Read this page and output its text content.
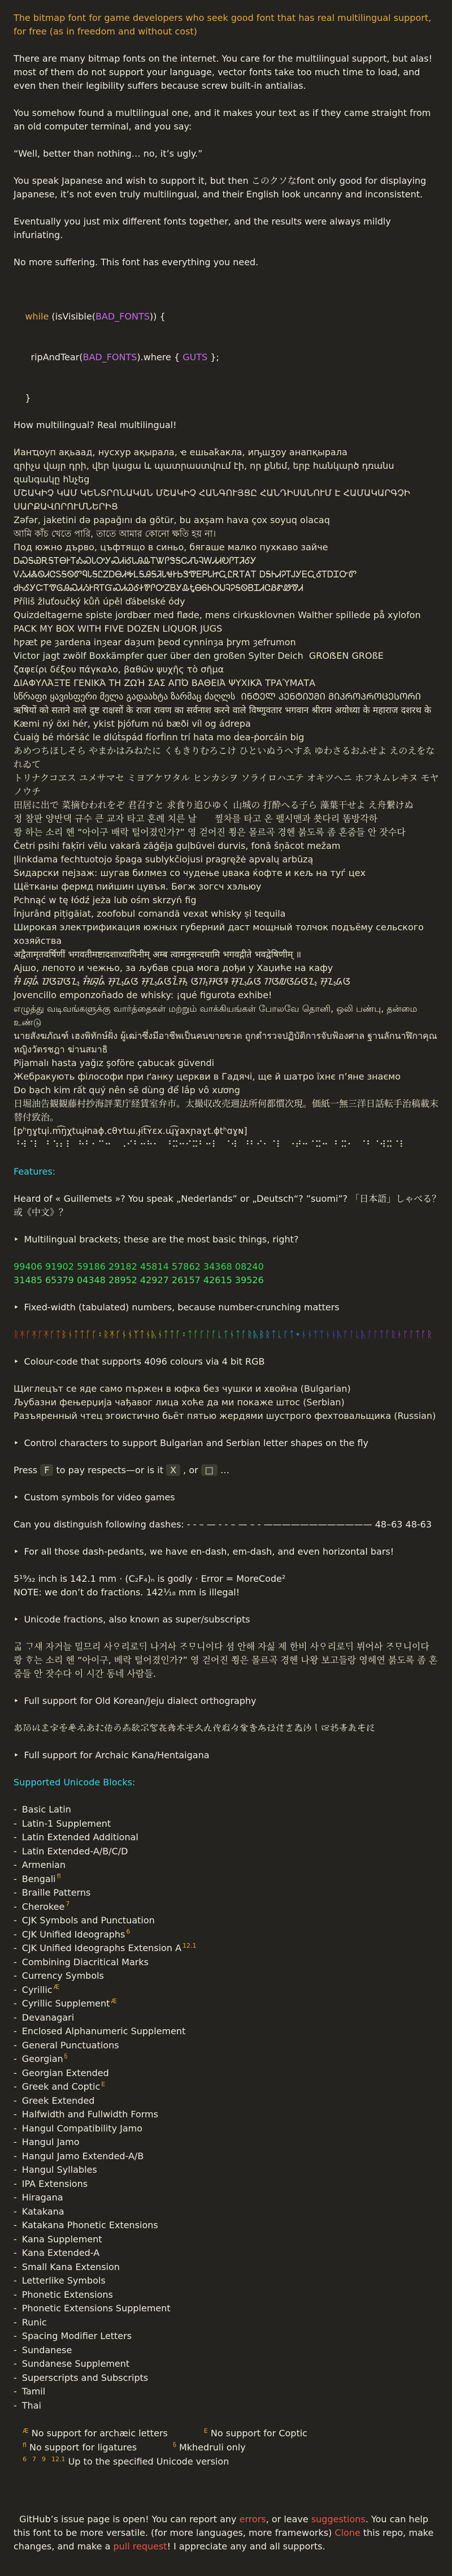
The bitmap font for game developers who seek good font that has real multilingual support, for free (as in freedom and without cost)

There are many bitmap fonts on the internet. You care for the multilingual support, but alas! most of them do not support your language, vector fonts take too much time to load, and even then their legibility suffers because screw built-in antialias.

You somehow found a multilingual one, and it makes your text as if they came straight from an old computer terminal, and you say:

“Well, better than nothing… no, it’s ugly.”

You speak Japanese and wish to support it, but then このクソなfont only good for displaying Japanese, it’s not even truly multilingual, and their English look uncanny and inconsistent.

Eventually you just mix different fonts together, and the results were always mildly infuriating.

No more suffering. This font has everything you need.

while (isVisible(BAD_FONTS)) {

ripAndTear(BAD_FONTS).where { GUTS };

}

How multilingual? Real multilingual!

Ианҵоуп ақьаад, нусхур ақырала, ҽ ешьаҟакла, иҧшӡоу анапқырала

գրիչս վայր դրի, վեր կացա և պատրաստվում էի, որ քնեմ, երբ հանկարծ դռանս զանգակը հնչեց

ՄՇԱԿԻՉ ԿԱՄ ԿԵՆՏՐՈՆԱԿԱՆ ՄՇԱԿԻՉ ՀԱՆԳՈՒՅՑԸ ՀԱՆԴԻՍԱՆՈՒՄ Է ՀԱՄԱԿԱՐԳՉԻ ՍԱՐՔԱՎՈՐՈՒՄՆԵՐԻՑ

Zəfər, jaketini də papağını da götür, bu axşam hava çox soyuq olacaq

আমি কাঁচ খেতে পারি, তাতে আমার কোনো ক্ষতি হয় না।

Под южно дърво, цъфтящо в синьо, бягаше малко пухкаво зайче

ᎠᏍᎦᏯᎡᎦᎢᎾᎨᎢᎣᏍᏓᎤᎩᏍᏗᎥᎴᏓᎯᎲᎢᏔᎵᏕᎦᏟᏗᏖᎸᎳᏗᏗᎧᎵᎢᏘᎴᎩ ᏙᏱᏗᏜᏫᏗᏣᏚᎦᏫᏛᏄᏓᎦᏝᏃᎠᎾᏗᎭᏞᎦᎯᎦᏘᏓᏠᎨᏏᏕᏡᎬᏢᏓᏥᏩᏝᎡᎢᎪᎢ ᎠᎦᏂᏗᎮᎢᎫᎩᎬᏩᎴᎢᎠᏆᏅᏛ ᏧᏂᎴᎩᏨᎢᏡᎶᎯᏍᏗᏱᎨᏒᎢᏳᏍᏗᏊᎴᏐᏈᎵᎤᏃᏴᎩᎲᎿᎾᏮᏂᎺᎫᎸᎮᎦᏫᏴᏆᏗᏣᏰᏑᏪᏡᏗ

Příliš žluťoučký kůň úpěl ďábelské ódy

Quizdeltagerne spiste jordbær med fløde, mens cirkusklovnen Walther spillede på xylofon

PACK MY BOX WITH FIVE DOZEN LIQUOR JUGS

hƿæt ƿe ȝardena inȝear daȝum þeod cynninȝa þrym ȝefrumon

Victor jagt zwölf Boxkämpfer quer über den großen Sylter Deich  GROẞEN GROßE

ζαφείρι δέξου πάγκαλο, βαθῶν ψυχῆς τὸ σῆμα

ΔΙΑΦΥΛΆΞΤΕ ΓΕΝΙΚΆ ΤΗ ΖΩΉ ΣΑΣ ΑΠΌ ΒΑΘΕΙΆ ΨΥΧΙΚΆ ΤΡΑΎΜΑΤΑ

სწრაფი ყავისფერი მელა გადაახტა ზარმაც ძაღლს  ᲘᲜᲢᲔᲚ ᲞᲔᲜᲢᲘᲣᲛᲘ ᲛᲘᲙᲠᲝᲞᲠᲝᲪᲔᲡᲝᲠᲘ

ऋषियों को सताने वाले दुष्ट राक्षसों के राजा रावण का सर्वनाश करने वाले विष्णुवतार भगवान श्रीराम अयोध्या के महाराज दशरथ के

Kæmi ný öxi hér, ykist þjófum nú bæði víl og ádrepa

Ċuaiġ bé ṁórṡáċ le dlúṫspád fíorḟinn trí hata mo ḋea-ṗorcáin big

あめつちほしそら やまかはみねたに くもきりむろこけ ひといぬうへすゑ ゆわさるおふせよ えのえをなれゐて

トリナクコヱス ユメサマセ ミヨアケワタル ヒンカシヲ ソライロハエテ オキツヘニ ホフネムレヰヌ モヤノウチ

田居に出で 菜摘むわれをぞ 君召すと 求食り追ひゆく 山城の 打酔へる子ら 藻葉干せよ え舟繋けぬ

정 참판 양반댁 규수 큰 교자 타고 혼례 치른 날　　찦차를 타고 온 펠시맨과 쑛다리 똠방각하

쾅 하는 소리 헨 “아이구 배락 털어졌인가?” 영 걷어진 쬥은 몰르곡 경헨 붉도록 좀 혼줌들 안 잣수다

Četri psihi faķīri vēlu vakarā zāģēja guļbūvei durvis, fonā šņācot mežam

Įlinkdama fechtuotojo špaga sublykčiojusi pragręžė apvalų arbūzą

Ѕидарски пејзаж: шугав билмез со чудење џвака ќофте и кељ на туѓ цех

Щётканы фермд пийшин цувъя. Бөгж зогсч хэльюу

Pchnąć w tę łódź jeża lub ośm skrzyń fig

Înjurând pițigăiat, zoofobul comandă vexat whisky și tequila

Широкая электрификация южных губерний даст мощный толчок подъёму сельского хозяйства

अद्वैतामृतवर्षिणीं भगवतीमष्टादशाध्यायिनीम् अम्ब त्वामनुसन्दधामि भगवद्गीते भवद्वेषिणीम् ॥

Ајшо, лепото и чежњо, за љубав срца мога дођи у Хаџиће на кафу

ᮞᮤ ᮘᮥᮓᮤ ᮕᮃᮙᮃᮔ᮪ ᮞᮤᮘᮥᮓᮤ ᮞᮥᮔ᮪ᮓᮃ ᮞᮥᮔ᮪ᮓᮃᮔᮨᮞ᮪ ᮃᮊ᮪ᮞᮃᮛ ᮞᮥᮔ᮪ᮓᮃ ᮊᮃᮜᮃᮝᮃᮔ᮪ ᮞᮥᮔ᮪ᮓᮃ

Jovencillo emponzoñado de whisky: ¡qué figurota exhibe!

எழுத்து வடிவங்களுக்கு வார்த்தைகள் மற்றும் வாக்கியங்கள் போலவே தொனி, ஒலி பண்பு, தன்மை உண்டு

นายสังฆภัณฑ์ เฮงพิทักษ์ฝั่ง ผู้เฒ่าซึ่งมีอาชีพเป็นคนขายขวด ถูกตำรวจปฏิบัติการจับฟ้องศาล ฐานลักนาฬิกาคุณหญิงวัตรชฎา ฆ่านสมาธิ

Pijamalı hasta yağız şoföre çabucak güvendi

Жебракують філософи при ґанку церкви в Гадячі, ще й шатро їхнє п’яне знаємо

Do bạch kim rất quý nên sẽ dùng để lắp vô xương

日堀油告観観藤村抄海評業庁経賃室弁市。太撮収改売週法所何都慣次現。価紙一無三洋日話転手治稿載末替付致治。

[pʰŋɣtɥi.m͡ŋχtɰɨnaɸ.cθʏtɯ.ɟit͡ʏɛx.ɰ͡ɣaxɲaɣt.ɸtʰɑɣɴ]

⠘⠺⠈⠇  ⠃⠱⠆⠇  ⠓⠃⠂⠉⠒   ⠠⠊⠃⠒⠓⠂  ⠘⠭⠒⠊⠭⠃⠒⠇  ⠈⠺  ⠘⠃⠊⠂⠈⠇  ⠐⠞⠒⠈⠭⠒  ⠃⠭⠂  ⠈⠃⠈⠺⠭⠈⠇

Features:

Heard of « Guillemets »? You speak „Nederlands” or „Deutsch“? ”suomi”? 「日本語」しゃべる？或《中文》？

‣ Multilingual brackets; these are the most basic things, right?

99406 91902 59186 29182 45814 57862 34368 08240

31485 65379 04348 28952 42927 26157 42615 39526

‣ Fixed-width (tabulated) numbers, because number-crunching matters

ᚱᛡᚴᛡᚴᛡᚴᛏᛒᚾᛏᛏᚪᚴ᛬ᚱᛡᚴᚾᚾᛉᛏᚾᚣᚾᛏᛏᚪ᛬ᛏᚪᚴᛚᚪᚳᛏᚾᛏᚪᚱᚣᛒᚱᛏᚳᚴᛏ᛭ᚾᚾᛉᛏᚾᚾᚣᚪᛚᚳᚣᛚᛚᛏᚪᚱᚭᚴᛚᛏᚪᚱ

‣ Colour-code that supports 4096 colours via 4 bit RGB

Щиглецът се яде само пържен в юфка без чушки и хвойна (Bulgarian)

Љубазни фењерџија чађавог лица хоће да ми покаже штос (Serbian)

Разъяренный чтец эгоистично бьёт пятью жердями шустрого фехтовальщика (Russian)

‣ Control characters to support Bulgarian and Serbian letter shapes on the fly

Press F to pay respects—or is it X , or □ …

‣ Custom symbols for video games

Can you distinguish following dashes: - - – — - - – — – - ———————————— 48–63 48-63

‣ For all those dash-pedants, we have en-dash, em-dash, and even horizontal bars!

5¹⁹⁄₃₂ inch is 142.1 mm · (C₂F₄)ₙ is godly · Error = MoreCode²

NOTE: we don’t do fractions. 142¹⁄₁₈ mm is illegal!

‣ Unicode fractions, also known as super/subscripts

ᄀᆞᆲ ᄀᆞ섀 자거늘 밀므리 사ᄋᆞ리로ᄃᆡ 나거ᅀᅡ ᄌᆞᄆᆞ니이다 셤 안해 자싫 제 한비 사ᄋᆞ리로ᄃᆡ 뷔어ᅀᅡ ᄌᆞᄆᆞ니이다

쾅 ᄒᆞ는 소리 헨 “아이구, 베락 털어졌인가?” 영 걷어진 쬥은 몰르곡 경헨 나왕 보고들랑 영헤연 붉도록 좀 혼줌들 안 잣수다 이 시간 동네 사람들.

‣ Full support for Old Korean/Jeju dialect orthography

𛀂𛀄𛀆𛀈𛀊𛀍𛀏𛀑𛀓𛀕𛀗𛀙𛀛𛀝𛀟𛀡𛀣𛀥𛀧𛀩𛀫𛀭𛀯𛀱𛀳𛀵𛀷𛀹𛀻𛀽𛀿𛁁𛁃𛁅𛁇𛁉𛁋𛁍𛁏𛁑

‣ Full support for Archaic Kana/Hentaigana

Supported Unicode Blocks:

- Basic Latin

- Latin-1 Supplement

- Latin Extended Additional

- Latin Extended-A/B/C/D

- Armenian

- Bengali $^{fl}$

- Braille Patterns

- Cherokee $^7$

- CJK Symbols and Punctuation

- CJK Unified Ideographs $^6$

- CJK Unified Ideographs Extension A $^{12.1}$

- Combining Diacritical Marks

- Currency Symbols

- Cyrillic $^Æ$

- Cyrillic Supplement $^Æ$

- Devanagari

- Enclosed Alphanumeric Supplement

- General Punctuations

- Georgian $^ნ$

- Georgian Extended

- Greek and Coptic $^E$

- Greek Extended

- Halfwidth and Fullwidth Forms

- Hangul Compatibility Jamo

- Hangul Jamo

- Hangul Jamo Extended-A/B

- Hangul Syllables

- IPA Extensions

- Hiragana

- Katakana

- Katakana Phonetic Extensions

- Kana Supplement

- Kana Extended-A

- Small Kana Extension

- Letterlike Symbols

- Phonetic Extensions

- Phonetic Extensions Supplement

- Runic

- Spacing Modifier Letters

- Sundanese

- Sundanese Supplement

- Superscripts and Subscripts

- Tamil

- Thai

$^Æ$ No support for archæic letters	$^E$ No support for Coptic

$^{fl}$ No support for ligatures	$^ნ$ Mkhedruli only

$^6$ $^7$ $^9$ $^{12.1}$ Up to the specified Unicode version

GitHub’s issue page is open! You can report any errors, or leave suggestions. You can help this font to be more versatile. (for more languages, more frameworks) Clone this repo, make changes, and make a pull request! I appreciate any and all supports.
